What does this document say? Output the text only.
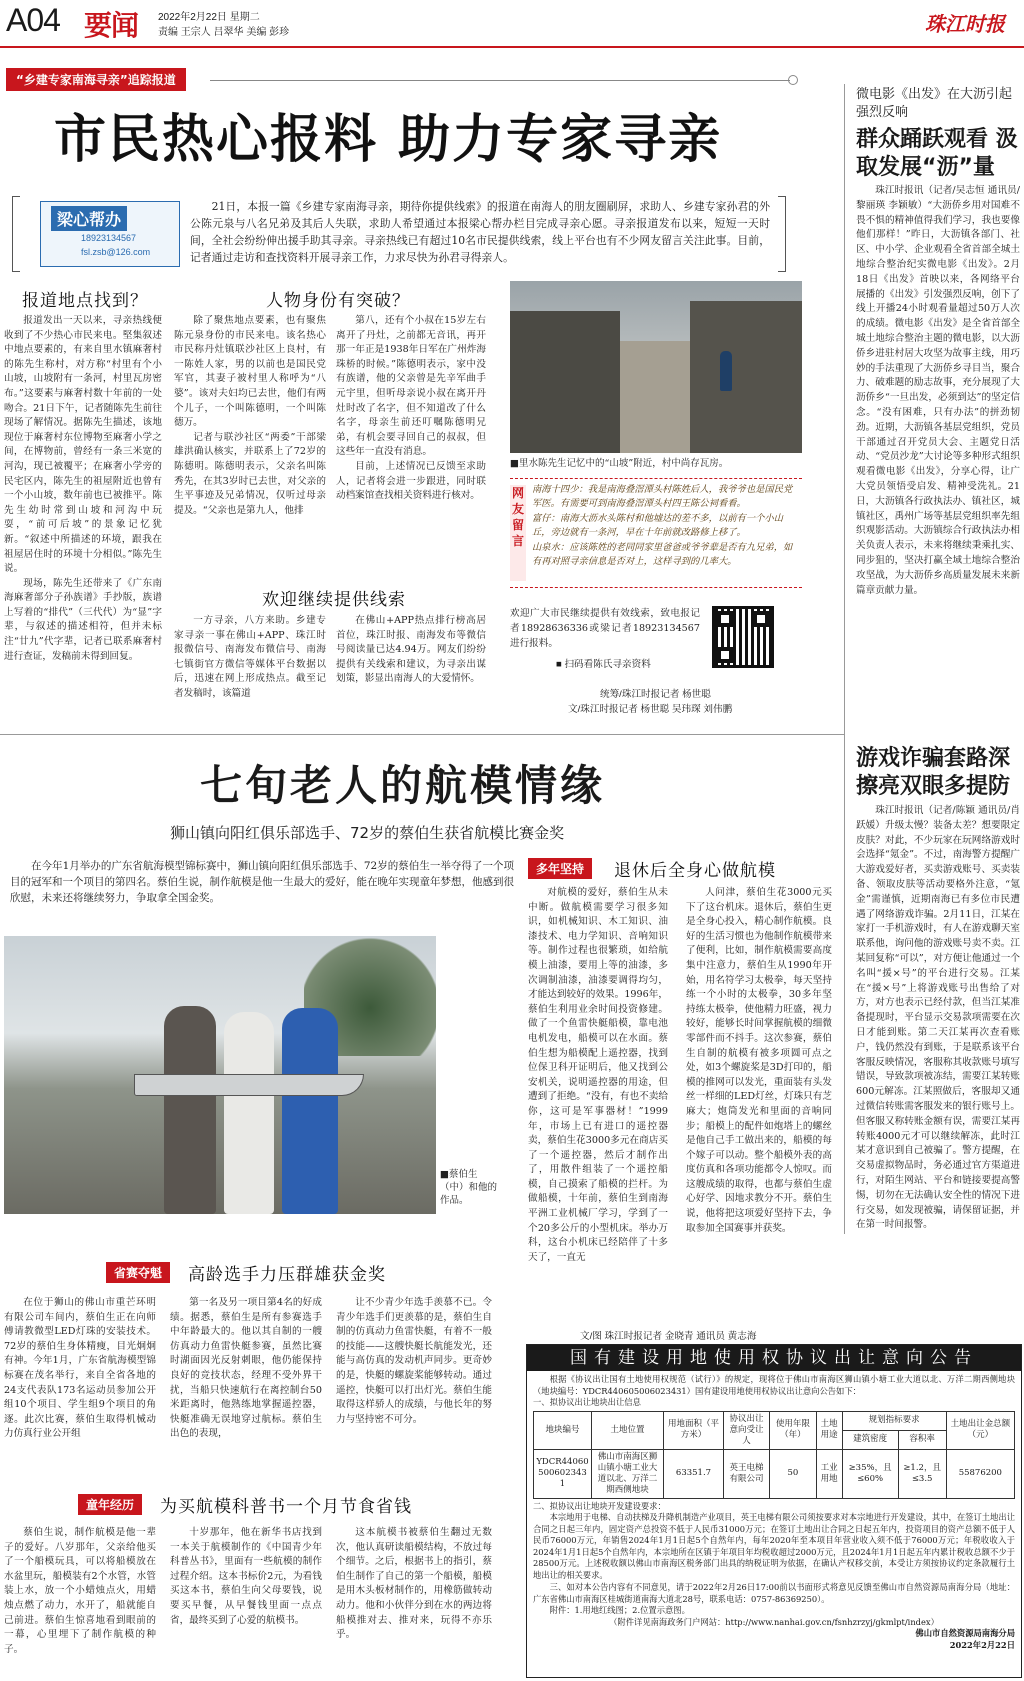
A04 要闻 2022年2月22日 星期二
责编 王宗人 吕翠华 美编 彭珍	珠江时报
“乡建专家南海寻亲”追踪报道
市民热心报料 助力专家寻亲
梁心帮办
18923134567
fsl.zsb@126.com

21日，本报一篇《乡建专家南海寻亲，期待你提供线索》的报道在南海人的朋友圈刷屏，求助人、乡建专家孙君的外公陈元泉与八名兄弟及其后人失联，求助人希望通过本报梁心帮办栏目完成寻亲心愿。寻亲报道发布以来，短短一天时间，全社会纷纷伸出援手助其寻亲。寻亲热线已有超过10名市民提供线索，线上平台也有不少网友留言关注此事。目前，记者通过走访和查找资料开展寻亲工作，力求尽快为孙君寻得亲人。

报道地点找到？	人物身份有突破？

报道发出一天以来，寻亲热线便收到了不少热心市民来电。堅集叙述中地点要素的，有来自里水镇麻奢村的陈先生称村，对方称“村里有个小山坡，山坡附有一条河，村里瓦房密布。”这要素与麻奢村数十年前的一处吻合。21日下午，记者随陈先生前往现场了解情况。据陈先生描述，该地现位于麻奢村东位博物至麻奢小学之间，在博物前，曾经有一条三米宽的河沟，现已被覆平；在麻奢小学旁的民宅区内，陈先生的祖屋附近也曾有一个小山坡，数年前也已被推平。陈先生幼时常到山坡和河沟中玩耍，“前可后坡”的景象记忆犹新。“叙述中所描述的环境，跟我在祖屋居住时的环境十分相似。”陈先生说。

现场，陈先生还带来了《广东南海麻奢部分子孙族谱》手抄版，族谱上写着的“排代”（三代代）为“显”字辈，与叙述的描述相符，但并未标注“廿九”代字辈，记者已联系麻奢村进行查证，发稿前未得到回复。

除了聚焦地点要素，也有聚焦陈元泉身份的市民来电。该名热心市民称丹灶镇联沙社区上良村，有一陈姓人家，男的以前也是国民党军官，其妻子被村里人称呼为“八婆”。该对夫妇均已去世，他们有两个儿子，一个叫陈德明，一个叫陈德万。

记者与联沙社区“两委”干部梁雄洪确认核实，并联系上了72岁的陈德明。陈德明表示，父亲名叫陈秀先，在其3岁时已去世，对父亲的生平事迹及兄弟情况，仅听过母亲提及。“父亲也是第九人，他排

第八，还有个小叔在15岁左右离开了丹灶，之前都无音讯，再开那一年正是1938年日军在广州炸海珠桥的时候。”陈德明表示，家中没有族谱，他的父亲曾是先辛军曲手元宇里，但听母亲说小叔在离开丹灶时改了名字，但不知道改了什么名字，母亲生前还叮嘱陈德明兄弟，有机会要寻回自己的叔叔，但这些年一直没有消息。

目前，上述情况已反馈至求助人，记者将会进一步跟进，同时联动档案馆查找相关资料进行核对。

欢迎继续提供线索

一方寻亲，八方来助。乡建专家寻亲一事在佛山+APP、珠江时报微信号、南海发布微信号、南海七镇街官方微信等媒体平台数据以后，迅速在网上形成热点。截至记者发稿时，该篇道

在佛山+APP热点排行榜高居首位，珠江时报、南海发布等微信号阅读量已达4.94万。网友们纷纷提供有关线索和建议，为寻亲出谋划策，影显出南海人的大爱情怀。

■里水陈先生记忆中的“山坡”附近，村中尚存瓦房。
网友留言

南海十四少：我是南海叠滘潭头村陈姓后人，我爷爷也是国民党军医。有需要可到南海叠滘潭头村四王陈公祠看看。

富仔：南海大沥水头陈村和他墟达的差不多，以前有一个小山丘，旁边就有一条河，早在十年前就改路修上移了。

山泉水：应该陈姓的老同同家里爸爸或爷爷辈是否有九兄弟，如有再对照寻亲信息是否对上，这样寻到的几率大。

欢迎广大市民继续提供有效线索，致电报记者18928636336或梁记者18923134567进行报料。
■ 扫码看陈氏寻亲资料
统筹/珠江时报记者 杨世聪
文/珠江时报记者 杨世聪 吴玮琛 刘伟鹏
微电影《出发》在大沥引起强烈反响
群众踊跃观看 汲取发展“沥”量

珠江时报讯（记者/吴志恒 通讯员/黎丽瑛 李颖敏）“大沥侨乡用对国难不畏不惧的精神值得我们学习，我也要像他们那样！”昨日，大沥镇各部门、社区、中小学、企业观看全省首部全城土地综合整治纪实微电影《出发》。2月18日《出发》首映以来，各网络平台展播的《出发》引发强烈反响，创下了线上开播24小时观看量超过50万人次的成绩。微电影《出发》是全省首部全城土地综合整治主题的微电影，以大沥侨乡进驻村居大攻坚为故事主线，用巧妙的手法重现了大沥侨乡寻目当，聚合力、破难题的励志故事，充分展现了大沥侨乡“一旦出发，必须到达”的坚定信念。“没有困难，只有办法”的拼劲韧劲。近期，大沥镇各基层党组织，党员干部通过召开党员大会、主题党日活动、“党员沙龙”大讨论等多种形式组织观看微电影《出发》，分享心得，让广大党员领悟受启发、精神受洗礼。21日，大沥镇各行政执法办、镇社区，城镇社区，禹州广场等基层党组织率先组织观影活动。大沥镇综合行政执法办相关负责人表示，未来将继续秉乘扎实、同步狙的，坚决打赢全域土地综合整治攻坚战，为大沥侨乡高质量发展未来新篇章贡献力量。

游戏诈骗套路深 擦亮双眼多提防

珠江时报讯（记者/陈颖 通讯员/肖跃媛）升级太慢？装备太差？想要限定皮肤？对此，不少玩家在玩网络游戏时会选择“氪金”。不过，南海警方提醒广大游戏爱好者，买卖游戏账号、买卖装备、领取皮肤等活动要格外注意，“氪金”需谨慎，近期南海已有多位市民遭遇了网络游戏诈骗。2月11日，江某在家打一手机游戏时，有人在游戏聊天室联系他，询问他的游戏账号卖不卖。江某回复称“可以”，对方便让他通过一个名叫“援×号”的平台进行交易。江某在“援×号”上将游戏账号出售给了对方，对方也表示已经付款，但当江某准备提现时，平台显示交易款项需要在次日才能到账。第二天江某再次查看账户，钱仍然没有到账，于是联系该平台客服反映情况，客服称其收款账号填写错误，导致款项被冻结，需要江某转账600元解冻。江某照做后，客服却又通过微信转账需客服发来的银行账号上。但客服又称转账金额有误，需要江某再转账4000元才可以继续解冻，此时江某才意识到自己被骗了。警方提醒，在交易虚拟物品时，务必通过官方渠道进行，对陌生网站、平台和链接要提高警惕，切勿在无法确认安全性的情况下进行交易，如发现被骗，请保留证据，并在第一时间报警。

七旬老人的航模情缘
狮山镇向阳红俱乐部选手、72岁的蔡伯生获省航模比赛金奖

在今年1月举办的广东省航海模型锦标赛中，狮山镇向阳红俱乐部选手、72岁的蔡伯生一举夺得了一个项目的冠军和一个项目的第四名。蔡伯生说，制作航模是他一生最大的爱好，能在晚年实现童年梦想，他感到很欣慰，未来还将继续努力，争取拿全国金奖。

■蔡伯生（中）和他的作品。
多年坚持	退休后全身心做航模

对航模的爱好，蔡伯生从未中断。做航模需要学习很多知识，如机械知识、木工知识、油漆技术、电力学知识、音响知识等。制作过程也很繁琐，如给航模上油漆，要用上等的油漆，多次调制油漆，油漆要调得均匀，才能达到较好的效果。1996年，蔡伯生利用业余时间投资修建。做了一个鱼雷快艇船模，靠电池电机发电，船模可以在水面。蔡伯生想为船模配上遥控器，找到位保卫科开证明后，他又找到公安机关，说明遥控器的用途，但遭到了拒绝。“没有，有也不卖给你，这可是军事器材！”1999年，市场上已有进口的遥控器卖，蔡伯生花3000多元在商店买了一个遥控器，然后才制作出了，用散件组装了一个遥控船模，自己摸索了船模的拦杆。为做船模，十年前，蔡伯生到南海平洲工业机械厂学习，学到了一个20多公斤的小型机床。举办万科，这台小机床已经陪伴了十多天了，一直无

人问津，蔡伯生花3000元买下了这台机床。退休后，蔡伯生更是全身心投入，精心制作航模。良好的生活习惯也为他制作航模带来了便利，比如，制作航模需要高度集中注意力，蔡伯生从1990年开始，用名符学习太极拳，每天坚持练一个小时的太极拳，30多年坚持练太极拳，使他精力旺盛，视力较好，能够长时间掌握航模的细微零部件而不抖手。这次参赛，蔡伯生自制的航模有被多项圆可点之处，如3个螺旋桨是3D打印的，船模的推网可以发光，重面装有头发丝一样细的LED灯丝，灯珠只有芝麻大；炮筒发光和里面的音响同步；船模上的配件如炮塔上的螺丝是他自己手工做出来的，船模的每个嫁子可以动。整个船模外表的高度仿真和各项功能都令人惊叹。而这艘成绩的取得，也都与蔡伯生虚心好学、因地求教分不开。蔡伯生说，他将把这项爱好坚持下去，争取参加全国赛事并获奖。

省赛夺魁	高龄选手力压群雄获金奖

在位于狮山的佛山市重芒环明有限公司车间内，蔡伯生正在向师傅请教微型LED灯珠的安装技术。72岁的蔡伯生身体精瘦，目光炯炯有神。今年1月，广东省航海模型锦标赛在茂名举行，来自全省各地的24支代表队173名运动员参加公开组10个项目、学生组9个项目的角逐。此次比赛，蔡伯生取得机械动力仿真行业公开组

第一名及另一项目第4名的好成绩。据悉，蔡伯生是所有参赛选手中年龄最大的。他以其自制的一艘仿真动力鱼雷快艇参赛，虽然比赛时湖面因光反射刺眼，他仍能保持良好的竞技状态，经理不受外界干扰，当船只快速航行在离控制台50米距离时，他熟练地掌握遥控器，快艇准确无误地穿过航标。蔡伯生出色的表现，

让不少青少年选手羡慕不已。令青少年选手们更羡慕的是，蔡伯生自制的仿真动力鱼雷快艇，有着不一般的技能——这艘快艇长航能发光，还能与高仿真的发动机声同步。更奇妙的是，快艇的螺旋桨能够转动。通过遥控，快艇可以打出灯光。蔡伯生能取得这样骄人的成绩，与他长年的努力与坚持密不可分。

童年经历	为买航模科普书一个月节食省钱

蔡伯生说，制作航模是他一辈子的爱好。八岁那年，父亲给他买了一个船模玩具，可以将船模放在水盆里玩，船模装有2个水管，水管装上水，放一个小蜡烛点火，用蜡烛点燃了动力，水开了，船就能自己前进。蔡伯生惊喜地看到眼前的一幕，心里埋下了制作航模的种子。

十岁那年，他在新华书店找到一本关于航模制作的《中国青少年科普丛书》，里面有一些航模的制作过程介绍。这本书标价2元，为看钱买这本书，蔡伯生向父母要钱，说要买早餐，从早餐钱里面一点点省，最终买到了心爱的航模书。

这本航模书被蔡伯生翻过无数次，他认真研读船模结构，不放过每个细节。之后，根据书上的指引，蔡伯生制作了自己的第一个船模，船模是用木头板材制作的，用橡筋做转动动力。他和小伙伴分到在水的两边将船模推对去、推对来，玩得不亦乐乎。

文/图 珠江时报记者 金晓青 通讯员 黄志海
国有建设用地使用权协议出让意向公告

根据《协议出让国有土地使用权规范（试行）》的规定，现将位于佛山市南海区狮山镇小塘工业大道以北、万洋二期西侧地块（地块编号：YDCR440605006023431）国有建设用地使用权协议出让意向公告如下：

一、拟协议出让地块出让信息

地块编号	土地位置	用地面积（平方米）	协议出让意向受让人	使用年限（年）	土地用途	规划指标要求		土地出让金总额（元）
						建筑密度	容积率	
YDCR440605006023431	佛山市南海区狮山镇小塘工业大道以北、万洋二期西侧地块	63351.7	英王电梯有限公司	50	工业用地	≥35%，且≤60%	≥1.2，且≤3.5	55876200

二、拟协议出让地块开发建设要求：

本宗地用于电梯、自动扶梯及升降机制造产业项目，英王电梯有限公司须按要求对本宗地进行开发建设，其中，在签订土地出让合同之日起三年内，固定资产总投资不低于人民币31000万元；在签订土地出让合同之日起五年内，投资项目的资产总额不低于人民币76000万元，年销售2024年1月1日起5个自然年内，每年2020年至本项目年营业收入须不低于76000万元；年税收收入于2024年1月1日起5个自然年内，本宗地所在区镇于年项目年均税收超过2000万元，且2024年1月1日起五年内累计税收总额不少于28500万元。上述税收额以佛山市南海区税务部门出具的纳税证明为依据，在确认产权移交前，本受让方须按协议约定条款履行土地出让的相关要求。

三、如对本公告内容有不同意见，请于2022年2月26日17:00前以书面形式将意见反馈至佛山市自然资源局南海分局（地址：广东省佛山市南海区桂城街道南海大道北28号，联系电话：0757-86369250）。

附件：1.用地红线图；2.位置示意图。

（附件详见南海政务门户网站：http://www.nanhai.gov.cn/fsnhzrzyj/gkmlpt/index）

佛山市自然资源局南海分局

2022年2月22日
